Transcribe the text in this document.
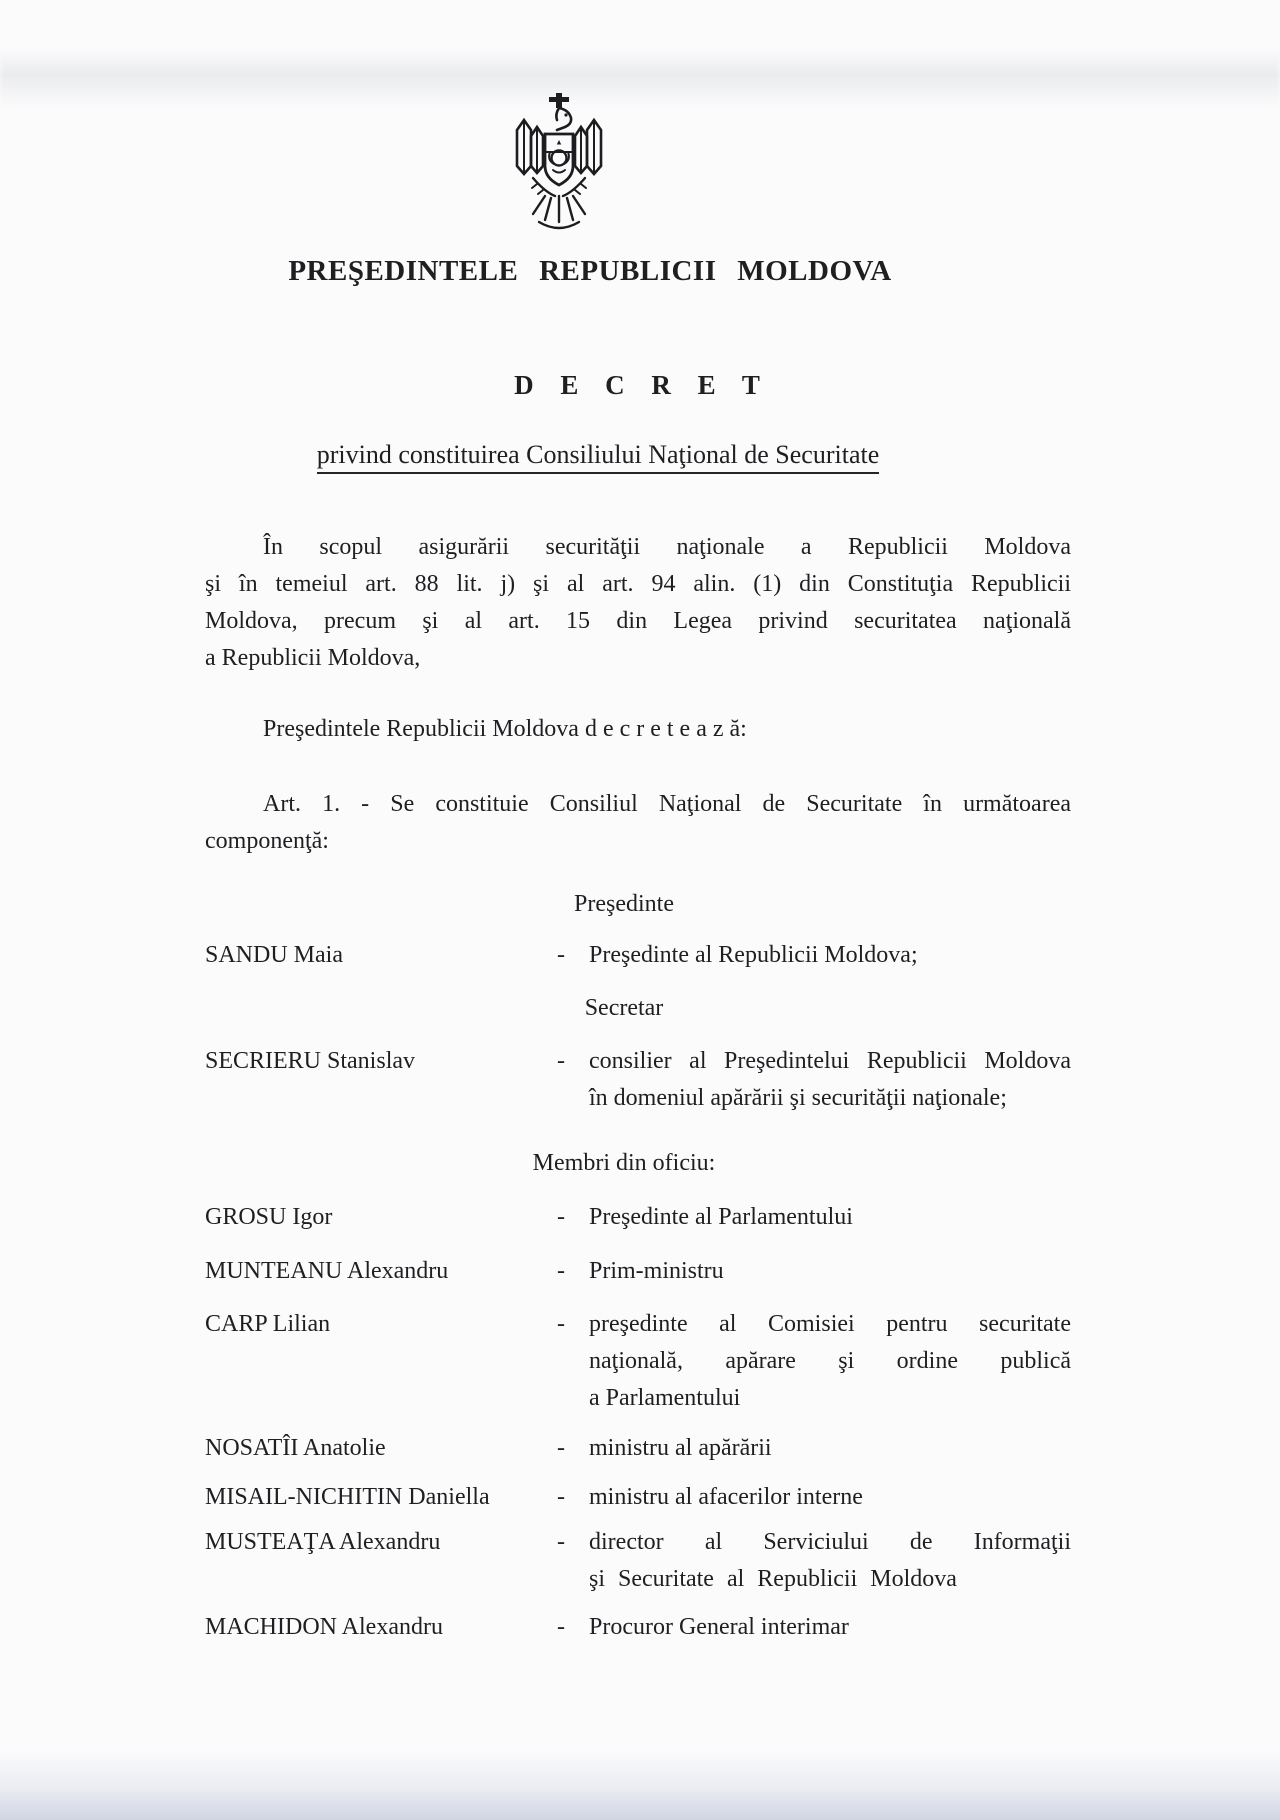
PREŞEDINTELE REPUBLICII MOLDOVA
D E C R E T
privind constituirea Consiliului Naţional de Securitate
În scopul asigurării securităţii naţionale a Republicii Moldova
şi în temeiul art. 88 lit. j) şi al art. 94 alin. (1) din Constituţia Republicii
Moldova, precum şi al art. 15 din Legea privind securitatea naţională
a Republicii Moldova,
Preşedintele Republicii Moldova d e c r e t e a z ă:
Art. 1. - Se constituie Consiliul Naţional de Securitate în următoarea
componenţă:
Preşedinte
SANDU Maia	-	Preşedinte al Republicii Moldova;
Secretar
SECRIERU Stanislav	-	consilier al Preşedintelui Republicii Moldova
în domeniul apărării şi securităţii naţionale;
Membri din oficiu:
GROSU Igor	-	Preşedinte al Parlamentului
MUNTEANU Alexandru	-	Prim-ministru
CARP Lilian	-	preşedinte al Comisiei pentru securitate
naţională, apărare şi ordine publică
a Parlamentului
NOSATÎI Anatolie	-	ministru al apărării
MISAIL-NICHITIN Daniella	-	ministru al afacerilor interne
MUSTEAŢA Alexandru	-	director al Serviciului de Informaţii
şi Securitate al Republicii Moldova
MACHIDON Alexandru	-	Procuror General interimar
